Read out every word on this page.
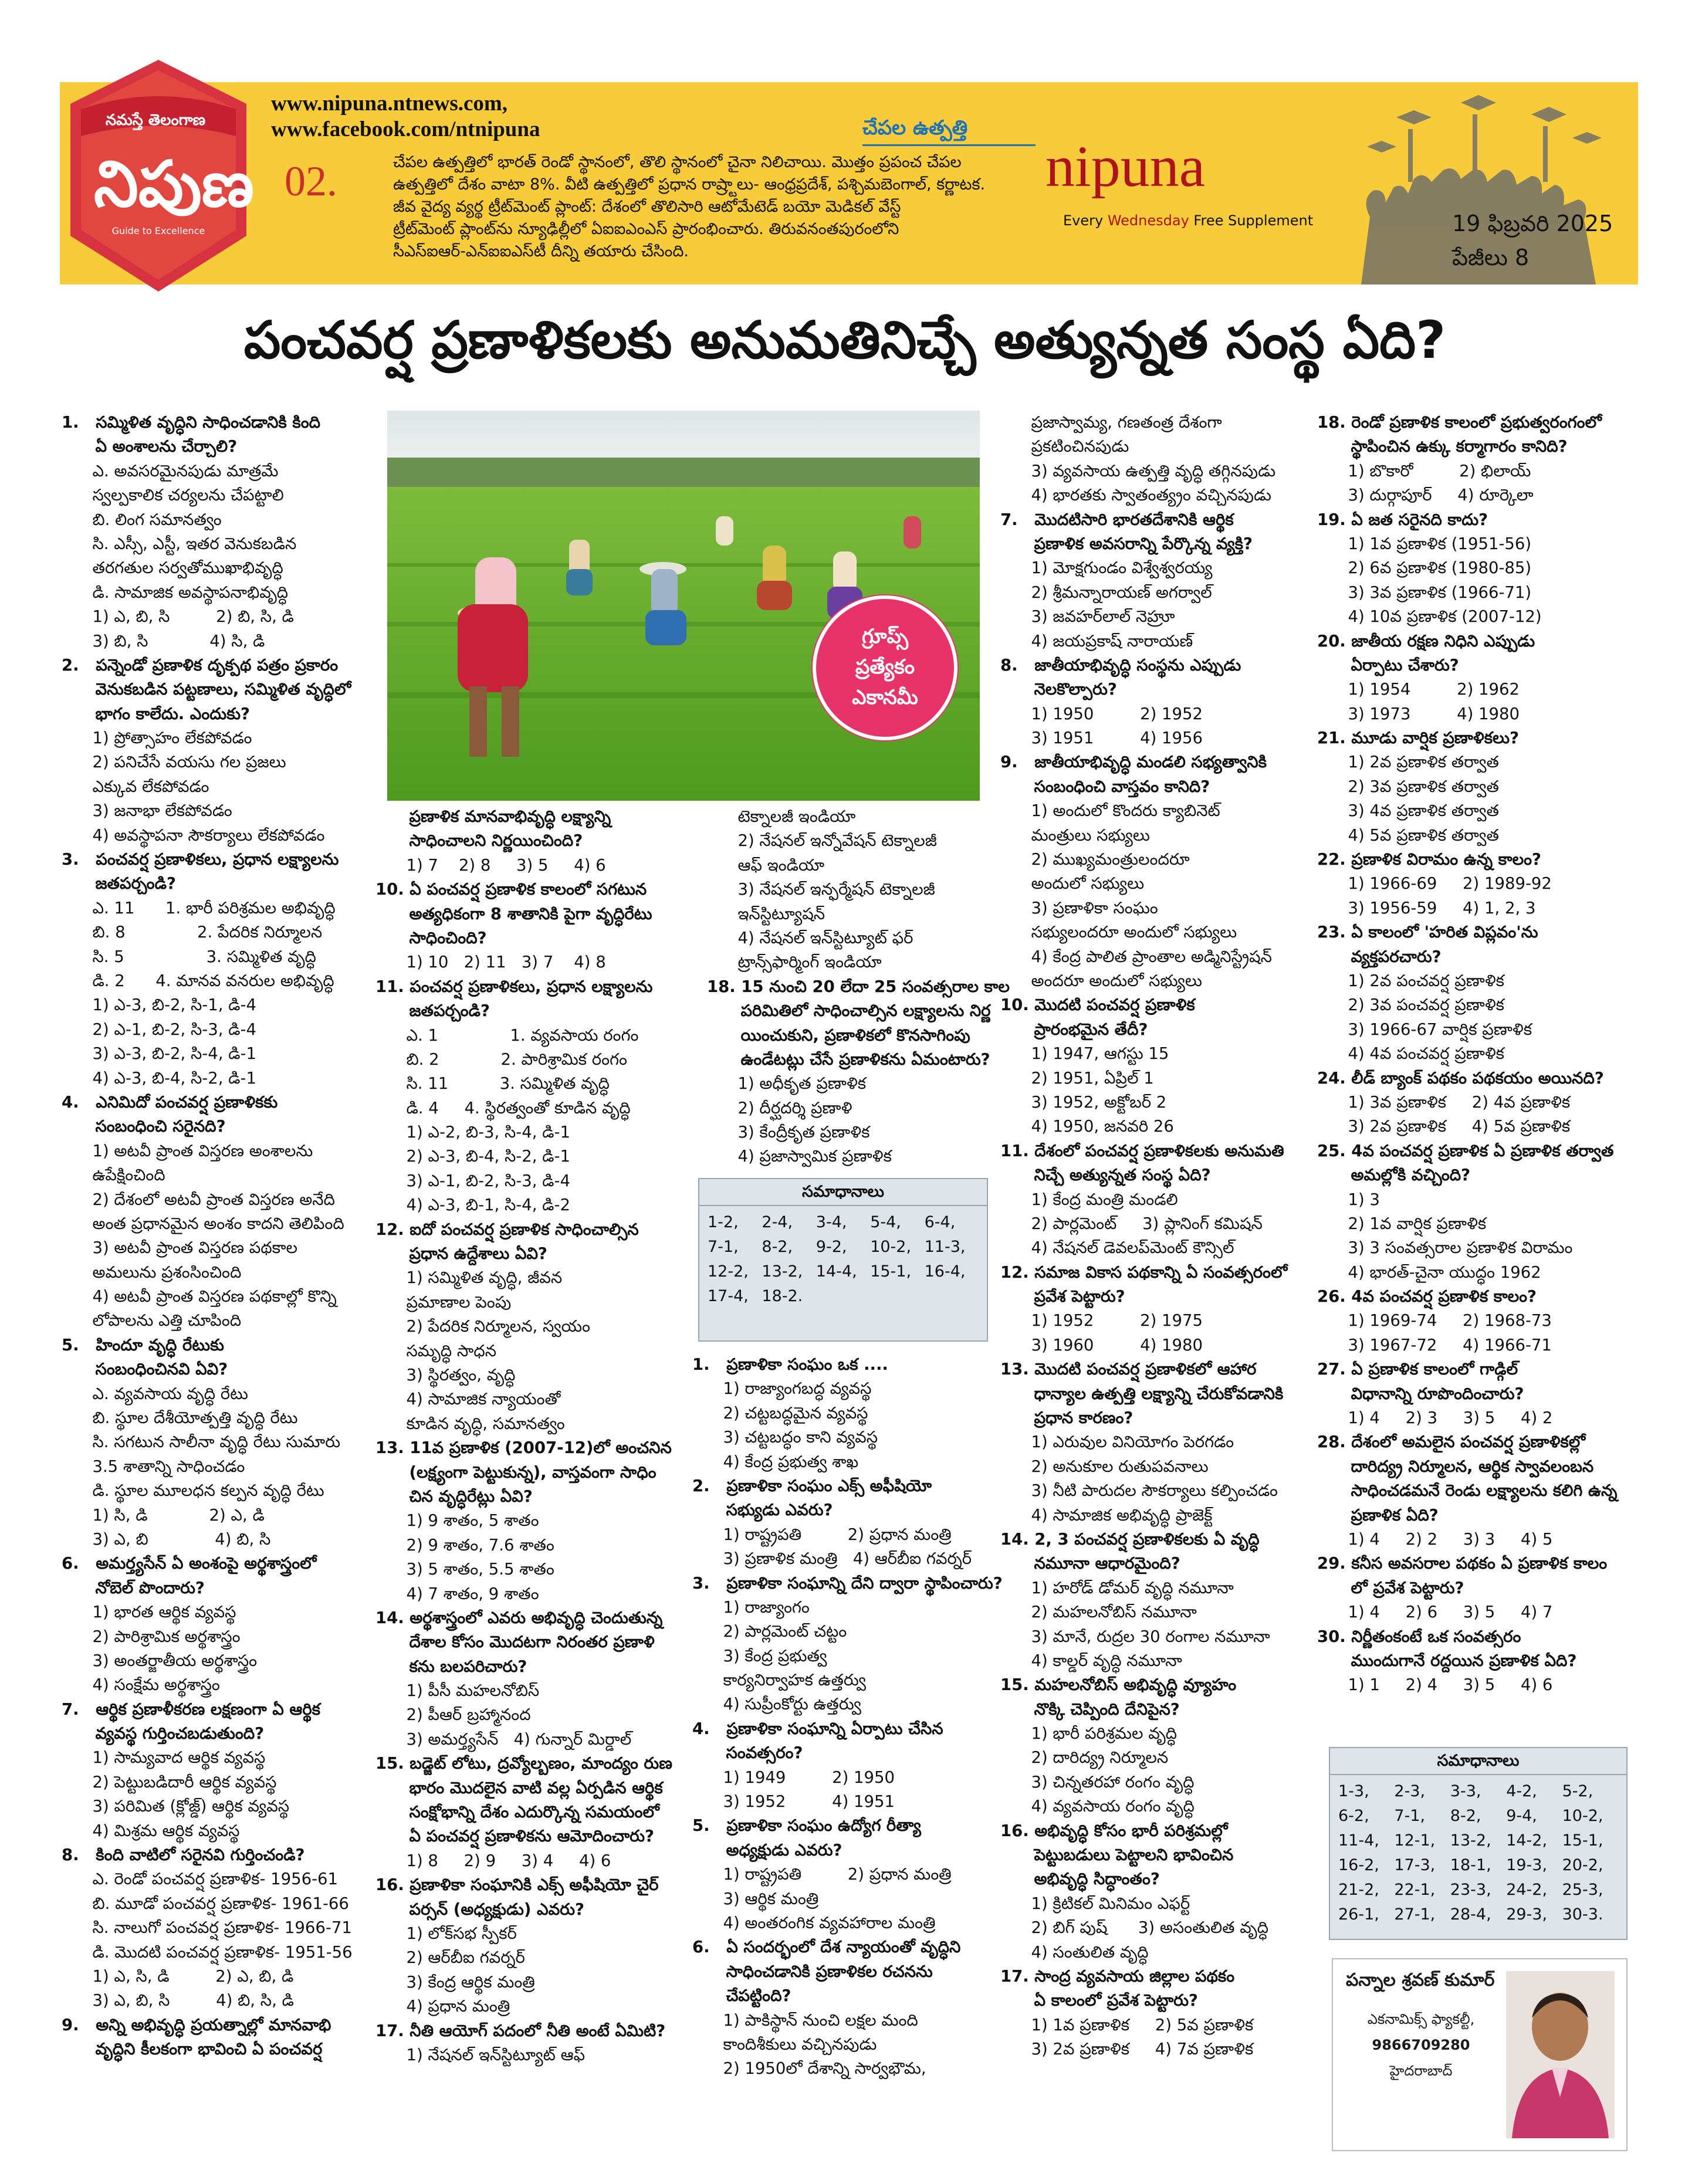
నమస్తే తెలంగాణ
నిపుణ
Guide to Excellence
www.nipuna.ntnews.com,
www.facebook.com/ntnipuna
02.
చేపల ఉత్పత్తి
చేపల ఉత్పత్తిలో భారత్ రెండో స్థానంలో, తొలి స్థానంలో చైనా నిలిచాయి. మొత్తం ప్రపంచ చేపల
ఉత్పత్తిలో దేశం వాటా 8%. వీటి ఉత్పత్తిలో ప్రధాన రాష్ర్టాలు- ఆంధ్రప్రదేశ్, పశ్చిమబెంగాల్, కర్ణాటక.
జీవ వైద్య వ్యర్థ ట్రీట్‌మెంట్ ప్లాంట్: దేశంలో తొలిసారి ఆటోమేటెడ్ బయో మెడికల్ వేస్ట్
ట్రీట్‌మెంట్ ప్లాంట్‌ను న్యూఢిల్లీలో ఏఐఐఎంఎస్ ప్రారంభించారు. తిరువనంతపురంలోని
సీఎస్ఐఆర్-ఎన్ఐఐఎస్‌టీ దీన్ని తయారు చేసింది.
nipuna
Every Wednesday Free Supplement	19 ఫిబ్రవరి 2025
పేజీలు 8
పంచవర్ష ప్రణాళికలకు అనుమతినిచ్చే అత్యున్నత సంస్థ ఏది?
గ్రూప్స్
ప్రత్యేకం
ఎకానమీ
1.   సమ్మిళిత వృద్ధిని సాధించడానికి కింది
ఏ అంశాలను చేర్చాలి?
ఎ. అవసరమైనపుడు మాత్రమే
స్వల్పకాలిక చర్యలను చేపట్టాలి
బి. లింగ సమానత్వం
సి. ఎస్సీ, ఎస్టీ, ఇతర వెనుకబడిన
తరగతుల సర్వతోముఖాభివృద్ధి
డి. సామాజిక అవస్థాపనాభివృద్ధి
1) ఎ, బి, సి         2) బి, సి, డి
3) బి, సి            4) సి, డి
2.   పన్నెండో ప్రణాళిక దృక్పథ పత్రం ప్రకారం
వెనుకబడిన పట్టణాలు, సమ్మిళిత వృద్ధిలో
భాగం కాలేదు. ఎందుకు?
1) ప్రోత్సాహం లేకపోవడం
2) పనిచేసే వయసు గల ప్రజలు
ఎక్కువ లేకపోవడం
3) జనాభా లేకపోవడం
4) అవస్థాపనా సౌకర్యాలు లేకపోవడం
3.   పంచవర్ష ప్రణాళికలు, ప్రధాన లక్ష్యాలను
జతపర్చండి?
ఎ. 11      1. భారీ పరిశ్రమల అభివృద్ధి
బి. 8              2. పేదరిక నిర్మూలన
సి. 5                3. సమ్మిళిత వృద్ధి
డి. 2      4. మానవ వనరుల అభివృద్ధి
1) ఎ-3, బి-2, సి-1, డి-4
2) ఎ-1, బి-2, సి-3, డి-4
3) ఎ-3, బి-2, సి-4, డి-1
4) ఎ-3, బి-4, సి-2, డి-1
4.   ఎనిమిదో పంచవర్ష ప్రణాళికకు
సంబంధించి సరైనది?
1) అటవీ ప్రాంత విస్తరణ అంశాలను
ఉపేక్షించింది
2) దేశంలో అటవీ ప్రాంత విస్తరణ అనేది
అంత ప్రధానమైన అంశం కాదని తెలిపింది
3) అటవీ ప్రాంత విస్తరణ పథకాల
అమలును ప్రశంసించింది
4) అటవీ ప్రాంత విస్తరణ పథకాల్లో కొన్ని
లోపాలను ఎత్తి చూపింది
5.   హిందూ వృద్ధి రేటుకు
సంబంధించినవి ఏవి?
ఎ. వ్యవసాయ వృద్ధి రేటు
బి. స్థూల దేశీయోత్పత్తి వృద్ధి రేటు
సి. సగటున సాలీనా వృద్ధి రేటు సుమారు
3.5 శాతాన్ని సాధించడం
డి. స్థూల మూలధన కల్పన వృద్ధి రేటు
1) సి, డి            2) ఎ, డి
3) ఎ, బి             4) బి, సి
6.   అమర్త్యసేన్ ఏ అంశంపై అర్థశాస్త్రంలో
నోబెల్ పొందారు?
1) భారత ఆర్థిక వ్యవస్థ
2) పారిశ్రామిక అర్థశాస్త్రం
3) అంతర్జాతీయ అర్థశాస్త్రం
4) సంక్షేమ అర్థశాస్త్రం
7.   ఆర్థిక ప్రణాళీకరణ లక్షణంగా ఏ ఆర్థిక
వ్యవస్థ గుర్తించబడుతుంది?
1) సామ్యవాద ఆర్థిక వ్యవస్థ
2) పెట్టుబడిదారీ ఆర్థిక వ్యవస్థ
3) పరిమిత (క్లోజ్డ్) ఆర్థిక వ్యవస్థ
4) మిశ్రమ ఆర్థిక వ్యవస్థ
8.   కింది వాటిలో సరైనవి గుర్తించండి?
ఎ. రెండో పంచవర్ష ప్రణాళిక- 1956-61
బి. మూడో పంచవర్ష ప్రణాళిక- 1961-66
సి. నాలుగో పంచవర్ష ప్రణాళిక- 1966-71
డి. మొదటి పంచవర్ష ప్రణాళిక- 1951-56
1) ఎ, సి, డి         2) ఎ, బి, డి
3) ఎ, బి, సి         4) బి, సి, డి
9.   అన్ని అభివృద్ధి ప్రయత్నాల్లో మానవాభి
వృద్ధిని కీలకంగా భావించి ఏ పంచవర్ష
ప్రణాళిక మానవాభివృద్ధి లక్ష్యాన్ని
సాధించాలని నిర్ణయించింది?
1) 7    2) 8     3) 5     4) 6
10. ఏ పంచవర్ష ప్రణాళిక కాలంలో సగటున
అత్యధికంగా 8 శాతానికి పైగా వృద్ధిరేటు
సాధించింది?
1) 10   2) 11   3) 7    4) 8
11. పంచవర్ష ప్రణాళికలు, ప్రధాన లక్ష్యాలను
జతపర్చండి?
ఎ. 1              1. వ్యవసాయ రంగం
బి. 2            2. పారిశ్రామిక రంగం
సి. 11          3. సమ్మిళిత వృద్ధి
డి. 4     4. స్థిరత్వంతో కూడిన వృద్ధి
1) ఎ-2, బి-3, సి-4, డి-1
2) ఎ-3, బి-4, సి-2, డి-1
3) ఎ-1, బి-2, సి-3, డి-4
4) ఎ-3, బి-1, సి-4, డి-2
12. ఐదో పంచవర్ష ప్రణాళిక సాధించాల్సిన
ప్రధాన ఉద్దేశాలు ఏవి?
1) సమ్మిళిత వృద్ధి, జీవన
ప్రమాణాల పెంపు
2) పేదరిక నిర్మూలన, స్వయం
సమృద్ధి సాధన
3) స్థిరత్వం, వృద్ధి
4) సామాజిక న్యాయంతో
కూడిన వృద్ధి, సమానత్వం
13. 11వ ప్రణాళిక (2007-12)లో అంచనిన
(లక్ష్యంగా పెట్టుకున్న), వాస్తవంగా సాధిం
చిన వృద్ధిరేట్లు ఏవి?
1) 9 శాతం, 5 శాతం
2) 9 శాతం, 7.6 శాతం
3) 5 శాతం, 5.5 శాతం
4) 7 శాతం, 9 శాతం
14. అర్థశాస్త్రంలో ఎవరు అభివృద్ధి చెందుతున్న
దేశాల కోసం మొదటగా నిరంతర ప్రణాళి
కను బలపరిచారు?
1) పీసీ మహలనోబిస్
2) పీఆర్ బ్రహ్మానంద
3) అమర్త్యసేన్   4) గున్నార్ మిర్డాల్
15. బడ్జెట్ లోటు, ద్రవ్యోల్బణం, మాంద్యం రుణ
భారం మొదలైన వాటి వల్ల ఏర్పడిన ఆర్థిక
సంక్షోభాన్ని దేశం ఎదుర్కొన్న సమయంలో
ఏ పంచవర్ష ప్రణాళికను ఆమోదించారు?
1) 8     2) 9     3) 4     4) 6
16. ప్రణాళికా సంఘానికి ఎక్స్ అఫీషియో చైర్
పర్సన్ (అధ్యక్షుడు) ఎవరు?
1) లోక్‌సభ స్పీకర్
2) ఆర్‌బీఐ గవర్నర్
3) కేంద్ర ఆర్థిక మంత్రి
4) ప్రధాన మంత్రి
17. నీతి ఆయోగ్ పదంలో నీతి అంటే ఏమిటి?
1) నేషనల్ ఇన్‌స్టిట్యూట్ ఆఫ్
టెక్నాలజీ ఇండియా
2) నేషనల్ ఇన్నోవేషన్ టెక్నాలజీ
ఆఫ్ ఇండియా
3) నేషనల్ ఇన్ఫర్మేషన్ టెక్నాలజీ
ఇన్‌స్టిట్యూషన్
4) నేషనల్ ఇన్‌స్టిట్యూట్ ఫర్
ట్రాన్స్‌ఫార్మింగ్ ఇండియా
18. 15 నుంచి 20 లేదా 25 సంవత్సరాల కాల
పరిమితిలో సాధించాల్సిన లక్ష్యాలను నిర్ణ
యించుకుని, ప్రణాళికలో కొనసాగింపు
ఉండేటట్లు చేసే ప్రణాళికను ఏమంటారు?
1) అధీకృత ప్రణాళిక
2) దీర్ఘదర్శి ప్రణాళి
3) కేంద్రీకృత ప్రణాళిక
4) ప్రజాస్వామిక ప్రణాళిక
సమాధానాలు
1-2,	2-4,	3-4,	5-4,	6-4,
7-1,	8-2,	9-2,	10-2, 11-3,
12-2, 13-2, 14-4, 15-1, 16-4,
17-4, 18-2.
1.   ప్రణాళికా సంఘం ఒక ....
1) రాజ్యాంగబద్ధ వ్యవస్థ
2) చట్టబద్ధమైన వ్యవస్థ
3) చట్టబద్ధం కాని వ్యవస్థ
4) కేంద్ర ప్రభుత్వ శాఖ
2.   ప్రణాళికా సంఘం ఎక్స్ అఫీషియో
సభ్యుడు ఎవరు?
1) రాష్ట్రపతి         2) ప్రధాన మంత్రి
3) ప్రణాళిక మంత్రి   4) ఆర్‌బీఐ గవర్నర్
3.   ప్రణాళికా సంఘాన్ని దేని ద్వారా స్థాపించారు?
1) రాజ్యాంగం
2) పార్లమెంట్ చట్టం
3) కేంద్ర ప్రభుత్వ
కార్యనిర్వాహక ఉత్తర్వు
4) సుప్రీంకోర్టు ఉత్తర్వు
4.   ప్రణాళికా సంఘాన్ని ఏర్పాటు చేసిన
సంవత్సరం?
1) 1949         2) 1950
3) 1952         4) 1951
5.   ప్రణాళికా సంఘం ఉద్యోగ రీత్యా
అధ్యక్షుడు ఎవరు?
1) రాష్ట్రపతి         2) ప్రధాన మంత్రి
3) ఆర్థిక మంత్రి
4) అంతరంగిక వ్యవహారాల మంత్రి
6.   ఏ సందర్భంలో దేశ న్యాయంతో వృద్ధిని
సాధించడానికి ప్రణాళికల రచనను
చేపట్టింది?
1) పాకిస్థాన్ నుంచి లక్షల మంది
కాందిశీకులు వచ్చినపుడు
2) 1950లో దేశాన్ని సార్వభౌమ,
ప్రజాస్వామ్య, గణతంత్ర దేశంగా
ప్రకటించినపుడు
3) వ్యవసాయ ఉత్పత్తి వృద్ధి తగ్గినపుడు
4) భారతకు స్వాతంత్య్రం వచ్చినపుడు
7.   మొదటిసారి భారతదేశానికి ఆర్థిక
ప్రణాళిక అవసరాన్ని పేర్కొన్న వ్యక్తి?
1) మోక్షగుండం విశ్వేశ్వరయ్య
2) శ్రీమన్నారాయణ్ అగర్వాల్
3) జవహర్‌లాల్ నెహ్రూ
4) జయప్రకాష్ నారాయణ్
8.   జాతీయాభివృద్ధి సంస్థను ఎప్పుడు
నెలకొల్పారు?
1) 1950         2) 1952
3) 1951         4) 1956
9.   జాతీయాభివృద్ధి మండలి సభ్యత్వానికి
సంబంధించి వాస్తవం కానిది?
1) అందులో కొందరు క్యాబినెట్
మంత్రులు సభ్యులు
2) ముఖ్యమంత్రులందరూ
అందులో సభ్యులు
3) ప్రణాళికా సంఘం
సభ్యులందరూ అందులో సభ్యులు
4) కేంద్ర పాలిత ప్రాంతాల అడ్మినిస్ట్రేషన్
అందరూ అందులో సభ్యులు
10. మొదటి పంచవర్ష ప్రణాళిక
ప్రారంభమైన తేదీ?
1) 1947, ఆగస్టు 15
2) 1951, ఏప్రిల్ 1
3) 1952, అక్టోబర్ 2
4) 1950, జనవరి 26
11. దేశంలో పంచవర్ష ప్రణాళికలకు అనుమతి
నిచ్చే అత్యున్నత సంస్థ ఏది?
1) కేంద్ర మంత్రి మండలి
2) పార్లమెంట్     3) ప్లానింగ్ కమిషన్
4) నేషనల్ డెవలప్‌మెంట్ కౌన్సిల్
12. సమాజ వికాస పథకాన్ని ఏ సంవత్సరంలో
ప్రవేశ పెట్టారు?
1) 1952         2) 1975
3) 1960         4) 1980
13. మొదటి పంచవర్ష ప్రణాళికలో ఆహార
ధాన్యాల ఉత్పత్తి లక్ష్యాన్ని చేరుకోవడానికి
ప్రధాన కారణం?
1) ఎరువుల వినియోగం పెరగడం
2) అనుకూల రుతుపవనాలు
3) నీటి పారుదల సౌకర్యాలు కల్పించడం
4) సామాజిక అభివృద్ధి ప్రాజెక్ట్
14. 2, 3 పంచవర్ష ప్రణాళికలకు ఏ వృద్ధి
నమూనా ఆధారమైంది?
1) హరోడ్ డోమర్ వృద్ధి నమూనా
2) మహలనోబిస్ నమూనా
3) మానే, రుద్రల 30 రంగాల నమూనా
4) కాల్డర్ వృద్ధి నమూనా
15. మహలనోబిస్ అభివృద్ధి వ్యూహం
నొక్కి చెప్పింది దేనిపైన?
1) భారీ పరిశ్రమల వృద్ధి
2) దారిద్య్ర నిర్మూలన
3) చిన్నతరహా రంగం వృద్ధి
4) వ్యవసాయ రంగం వృద్ధి
16. అభివృద్ధి కోసం భారీ పరిశ్రమల్లో
పెట్టుబడులు పెట్టాలని భావించిన
అభివృద్ధి సిద్ధాంతం?
1) క్రిటికల్ మినిమం ఎఫర్ట్
2) బిగ్ పుష్      3) అసంతులిత వృద్ధి
4) సంతులిత వృద్ధి
17. సాంద్ర వ్యవసాయ జిల్లాల పథకం
ఏ కాలంలో ప్రవేశ పెట్టారు?
1) 1వ ప్రణాళిక     2) 5వ ప్రణాళిక
3) 2వ ప్రణాళిక     4) 7వ ప్రణాళిక
18. రెండో ప్రణాళిక కాలంలో ప్రభుత్వరంగంలో
స్థాపించిన ఉక్కు కర్మాగారం కానిది?
1) బొకారో         2) భిలాయ్
3) దుర్గాపూర్     4) రూర్కెలా
19. ఏ జత సరైనది కాదు?
1) 1వ ప్రణాళిక (1951-56)
2) 6వ ప్రణాళిక (1980-85)
3) 3వ ప్రణాళిక (1966-71)
4) 10వ ప్రణాళిక (2007-12)
20. జాతీయ రక్షణ నిధిని ఎప్పుడు
ఏర్పాటు చేశారు?
1) 1954         2) 1962
3) 1973         4) 1980
21. మూడు వార్షిక ప్రణాళికలు?
1) 2వ ప్రణాళిక తర్వాత
2) 3వ ప్రణాళిక తర్వాత
3) 4వ ప్రణాళిక తర్వాత
4) 5వ ప్రణాళిక తర్వాత
22. ప్రణాళిక విరామం ఉన్న కాలం?
1) 1966-69     2) 1989-92
3) 1956-59     4) 1, 2, 3
23. ఏ కాలంలో 'హరిత విప్లవం'ను
వ్యక్తపరచారు?
1) 2వ పంచవర్ష ప్రణాళిక
2) 3వ పంచవర్ష ప్రణాళిక
3) 1966-67 వార్షిక ప్రణాళిక
4) 4వ పంచవర్ష ప్రణాళిక
24. లీడ్ బ్యాంక్ పథకం పథకయం అయినది?
1) 3వ ప్రణాళిక     2) 4వ ప్రణాళిక
3) 2వ ప్రణాళిక     4) 5వ ప్రణాళిక
25. 4వ పంచవర్ష ప్రణాళిక ఏ ప్రణాళిక తర్వాత
అమల్లోకి వచ్చింది?
1) 3
2) 1వ వార్షిక ప్రణాళిక
3) 3 సంవత్సరాల ప్రణాళిక విరామం
4) భారత్-చైనా యుద్ధం 1962
26. 4వ పంచవర్ష ప్రణాళిక కాలం?
1) 1969-74     2) 1968-73
3) 1967-72     4) 1966-71
27. ఏ ప్రణాళిక కాలంలో గాడ్గిల్
విధానాన్ని రూపొందించారు?
1) 4     2) 3     3) 5     4) 2
28. దేశంలో అమలైన పంచవర్ష ప్రణాళికల్లో
దారిద్య్ర నిర్మూలన, ఆర్థిక స్వావలంబన
సాధించడమనే రెండు లక్ష్యాలను కలిగి ఉన్న
ప్రణాళిక ఏది?
1) 4     2) 2     3) 3     4) 5
29. కనీస అవసరాల పథకం ఏ ప్రణాళిక కాలం
లో ప్రవేశ పెట్టారు?
1) 4     2) 6     3) 5     4) 7
30. నిర్ణీతంకంటే ఒక సంవత్సరం
ముందుగానే రద్దయిన ప్రణాళిక ఏది?
1) 1     2) 4     3) 5     4) 6
సమాధానాలు
1-3,	2-3,	3-3,	4-2,	5-2,
6-2,	7-1,	8-2,	9-4,	10-2,
11-4, 12-1, 13-2, 14-2, 15-1,
16-2, 17-3, 18-1, 19-3, 20-2,
21-2, 22-1, 23-3, 24-2, 25-3,
26-1, 27-1, 28-4, 29-3, 30-3.
పన్నాల శ్రవణ్ కుమార్
ఎకనామిక్స్ ఫ్యాకల్టీ,
9866709280
హైదరాబాద్
